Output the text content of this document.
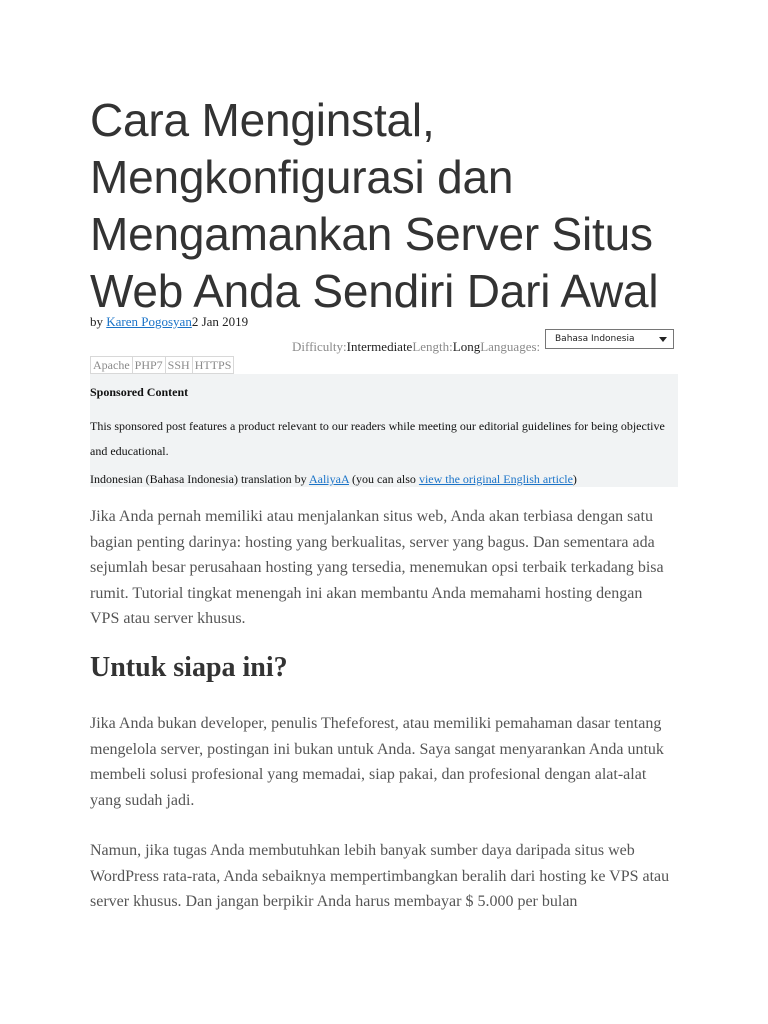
Cara Menginstal, Mengkonfigurasi dan Mengamankan Server Situs Web Anda Sendiri Dari Awal
by Karen Pogosyan2 Jan 2019
Difficulty:IntermediateLength:LongLanguages:	Bahasa Indonesia
Apache PHP7 SSH HTTPS
Sponsored Content
This sponsored post features a product relevant to our readers while meeting our editorial guidelines for being objective and educational.
Indonesian (Bahasa Indonesia) translation by AaliyaA (you can also view the original English article)

Jika Anda pernah memiliki atau menjalankan situs web, Anda akan terbiasa dengan satu bagian penting darinya: hosting yang berkualitas, server yang bagus. Dan sementara ada sejumlah besar perusahaan hosting yang tersedia, menemukan opsi terbaik terkadang bisa rumit. Tutorial tingkat menengah ini akan membantu Anda memahami hosting dengan VPS atau server khusus.

Untuk siapa ini?

Jika Anda bukan developer, penulis Thefeforest, atau memiliki pemahaman dasar tentang mengelola server, postingan ini bukan untuk Anda. Saya sangat menyarankan Anda untuk membeli solusi profesional yang memadai, siap pakai, dan profesional dengan alat-alat yang sudah jadi.

Namun, jika tugas Anda membutuhkan lebih banyak sumber daya daripada situs web WordPress rata-rata, Anda sebaiknya mempertimbangkan beralih dari hosting ke VPS atau server khusus. Dan jangan berpikir Anda harus membayar $ 5.000 per bulan
